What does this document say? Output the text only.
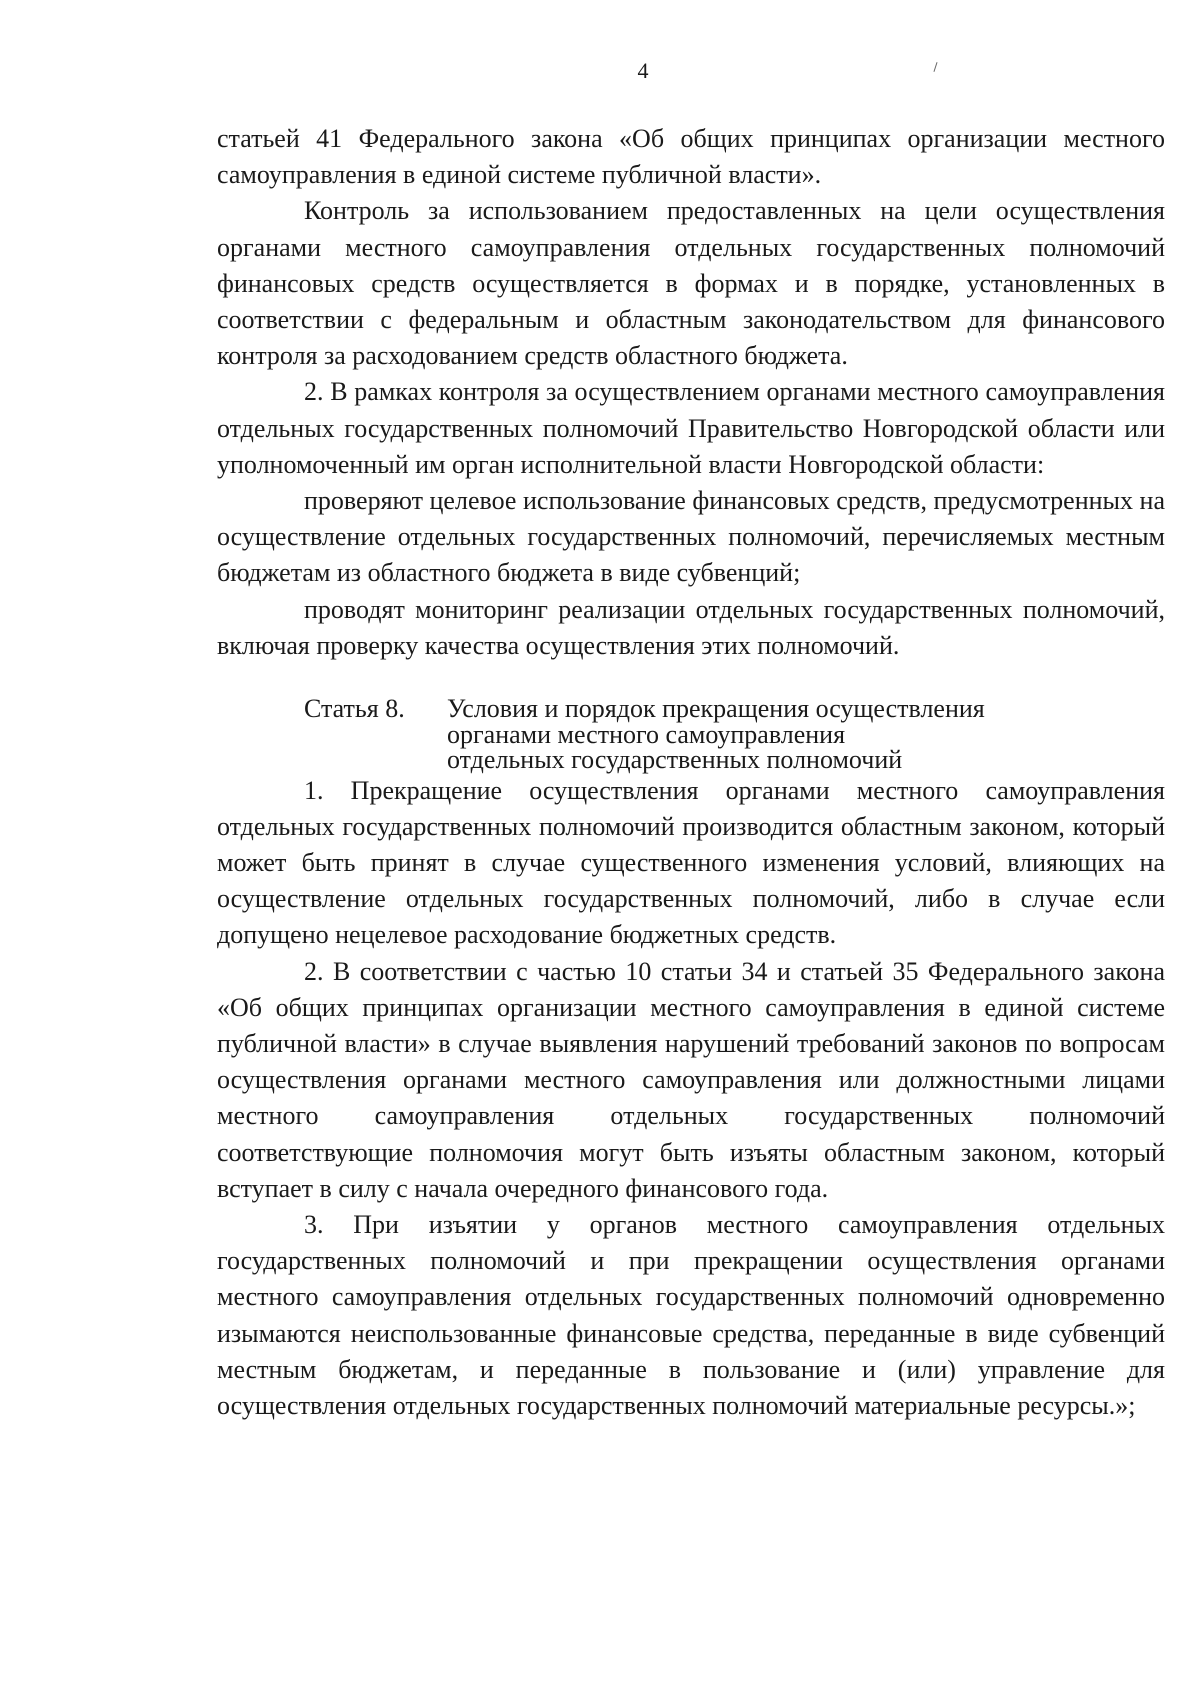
4

статьей 41 Федерального закона «Об общих принципах организации местного самоуправления в единой системе публичной власти».

Контроль за использованием предоставленных на цели осуществления органами местного самоуправления отдельных государственных полномочий финансовых средств осуществляется в формах и в порядке, установленных в соответствии с федеральным и областным законодательством для финансового контроля за расходованием средств областного бюджета.

2. В рамках контроля за осуществлением органами местного самоуправления отдельных государственных полномочий Правительство Новгородской области или уполномоченный им орган исполнительной власти Новгородской области:

проверяют целевое использование финансовых средств, предусмотренных на осуществление отдельных государственных полномочий, перечисляемых местным бюджетам из областного бюджета в виде субвенций;

проводят мониторинг реализации отдельных государственных полномочий, включая проверку качества осуществления этих полномочий.

Статья 8.	Условия и порядок прекращения осуществления
органами местного самоуправления
отдельных государственных полномочий

1. Прекращение осуществления органами местного самоуправления отдельных государственных полномочий производится областным законом, который может быть принят в случае существенного изменения условий, влияющих на осуществление отдельных государственных полномочий, либо в случае если допущено нецелевое расходование бюджетных средств.

2. В соответствии с частью 10 статьи 34 и статьей 35 Федерального закона «Об общих принципах организации местного самоуправления в единой системе публичной власти» в случае выявления нарушений требований законов по вопросам осуществления органами местного самоуправления или должностными лицами местного самоуправления отдельных государственных полномочий соответствующие полномочия могут быть изъяты областным законом, который вступает в силу с начала очередного финансового года.

3. При изъятии у органов местного самоуправления отдельных государственных полномочий и при прекращении осуществления органами местного самоуправления отдельных государственных полномочий одновременно изымаются неиспользованные финансовые средства, переданные в виде субвенций местным бюджетам, и переданные в пользование и (или) управление для осуществления отдельных государственных полномочий материальные ресурсы.»;
